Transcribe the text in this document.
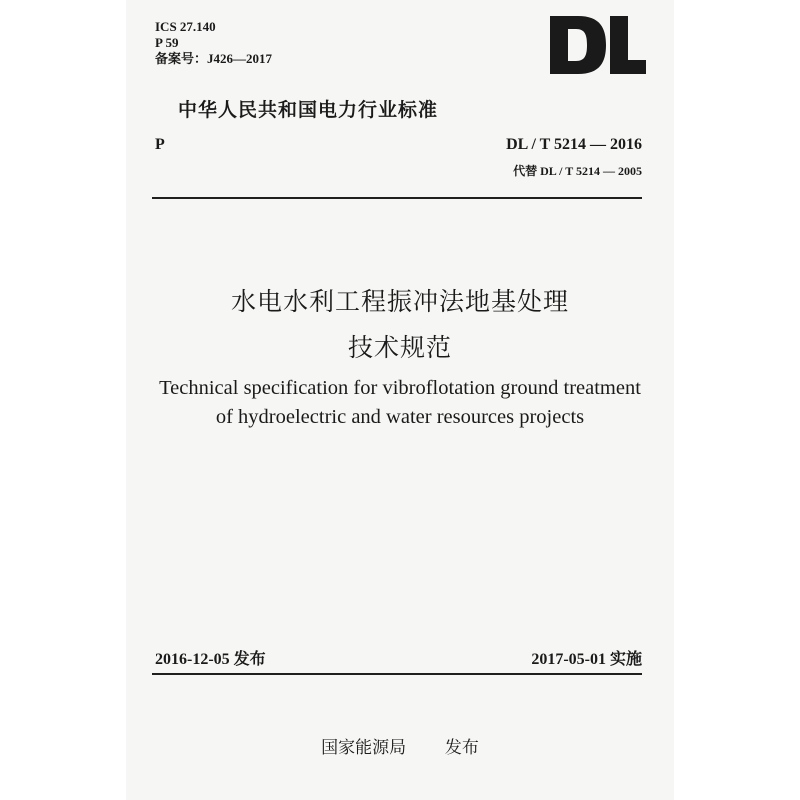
ICS 27.140
P 59
备案号：J426—2017
中华人民共和国电力行业标准
P	DL / T 5214 — 2016
代替 DL / T 5214 — 2005
水电水利工程振冲法地基处理
技术规范
Technical specification for vibroflotation ground treatment
of hydroelectric and water resources projects
2016-12-05 发布	2017-05-01 实施
国家能源局 发布
